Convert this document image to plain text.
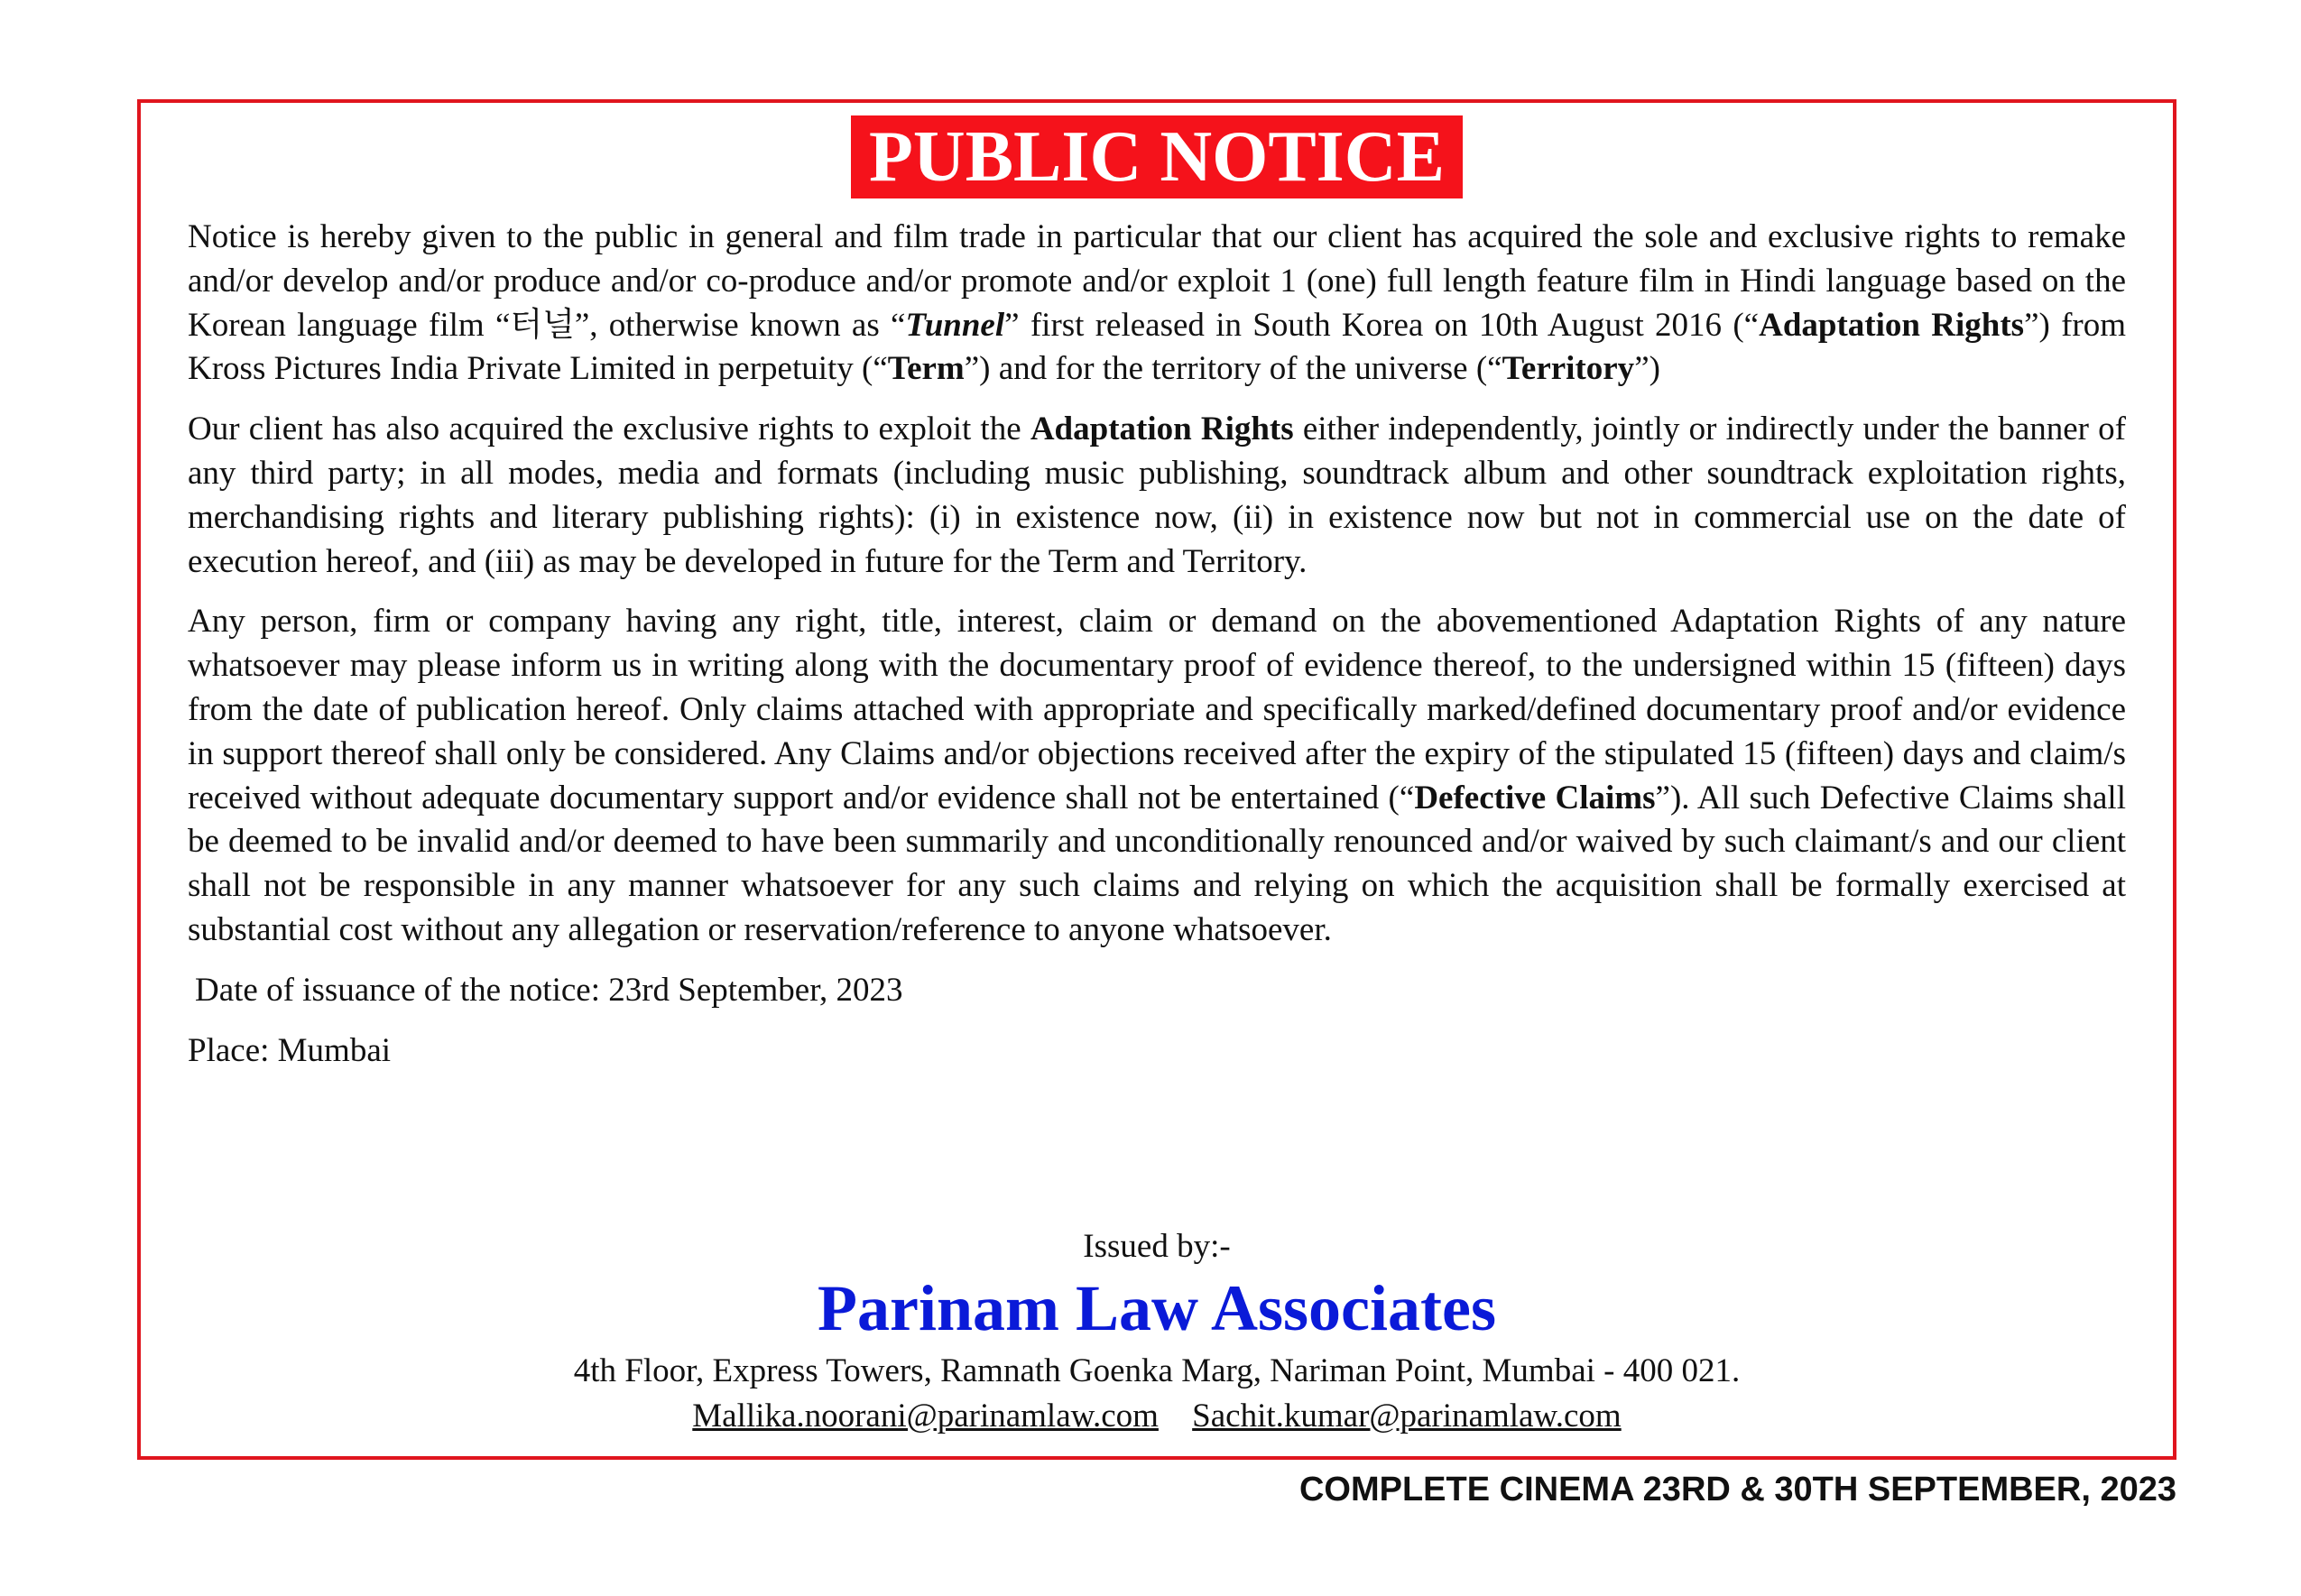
PUBLIC NOTICE

Notice is hereby given to the public in general and film trade in particular that our client has acquired the sole and exclusive rights to remake and/or develop and/or produce and/or co-produce and/or promote and/or exploit 1 (one) full length feature film in Hindi language based on the Korean language film “터널”, otherwise known as “Tunnel” first released in South Korea on 10th August 2016 (“Adaptation Rights”) from Kross Pictures India Private Limited in perpetuity (“Term”) and for the territory of the universe (“Territory”)

Our client has also acquired the exclusive rights to exploit the Adaptation Rights either independently, jointly or indirectly under the banner of any third party; in all modes, media and formats (including music publishing, soundtrack album and other soundtrack exploitation rights, merchandising rights and literary publishing rights): (i) in existence now, (ii) in existence now but not in commercial use on the date of execution hereof, and (iii) as may be developed in future for the Term and Territory.

Any person, firm or company having any right, title, interest, claim or demand on the abovementioned Adaptation Rights of any nature whatsoever may please inform us in writing along with the documentary proof of evidence thereof, to the undersigned within 15 (fifteen) days from the date of publication hereof. Only claims attached with appropriate and specifically marked/defined documentary proof and/or evidence in support thereof shall only be considered. Any Claims and/or objections received after the expiry of the stipulated 15 (fifteen) days and claim/s received without adequate documentary support and/or evidence shall not be entertained (“Defective Claims”). All such Defective Claims shall be deemed to be invalid and/or deemed to have been summarily and unconditionally renounced and/or waived by such claimant/s and our client shall not be responsible in any manner whatsoever for any such claims and relying on which the acquisition shall be formally exercised at substantial cost without any allegation or reservation/reference to anyone whatsoever.

Date of issuance of the notice: 23rd September, 2023

Place: Mumbai

Issued by:-
Parinam Law Associates
4th Floor, Express Towers, Ramnath Goenka Marg, Nariman Point, Mumbai - 400 021.
Mallika.noorani@parinamlaw.com Sachit.kumar@parinamlaw.com
COMPLETE CINEMA 23RD & 30TH SEPTEMBER, 2023
